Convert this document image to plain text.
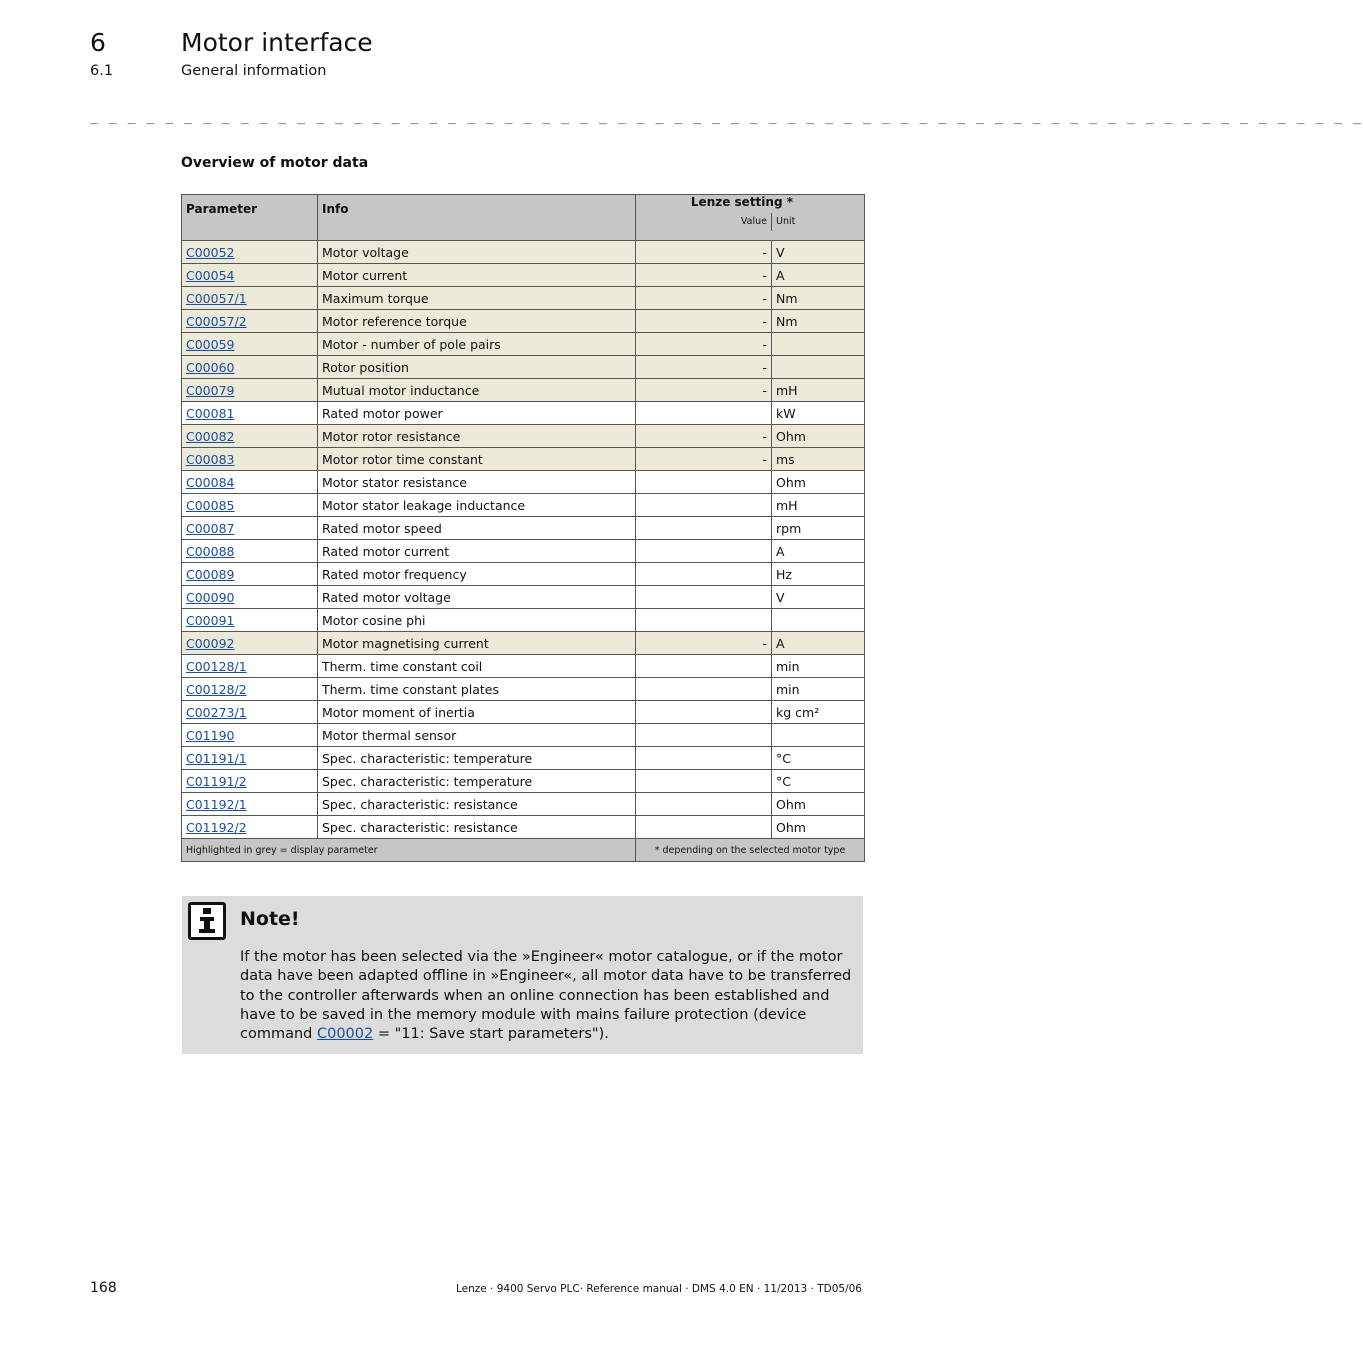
6	Motor interface
6.1	General information
_ _ _ _ _ _ _ _ _ _ _ _ _ _ _ _ _ _ _ _ _ _ _ _ _ _ _ _ _ _ _ _ _ _ _ _ _ _ _ _ _ _ _ _ _ _ _ _ _ _ _ _ _ _ _ _ _ _ _ _ _ _ _ _ _ _ _ _
Overview of motor data
Parameter	Info	Lenze setting *
Value Unit	

C00052	Motor voltage	-	V
C00054	Motor current	-	A
C00057/1	Maximum torque	-	Nm
C00057/2	Motor reference torque	-	Nm
C00059	Motor - number of pole pairs	-	
C00060	Rotor position	-	
C00079	Mutual motor inductance	-	mH
C00081	Rated motor power		kW
C00082	Motor rotor resistance	-	Ohm
C00083	Motor rotor time constant	-	ms
C00084	Motor stator resistance		Ohm
C00085	Motor stator leakage inductance		mH
C00087	Rated motor speed		rpm
C00088	Rated motor current		A
C00089	Rated motor frequency		Hz
C00090	Rated motor voltage		V
C00091	Motor cosine phi		
C00092	Motor magnetising current	-	A
C00128/1	Therm. time constant coil		min
C00128/2	Therm. time constant plates		min
C00273/1	Motor moment of inertia		kg cm²
C01190	Motor thermal sensor		
C01191/1	Spec. characteristic: temperature		°C
C01191/2	Spec. characteristic: temperature		°C
C01192/1	Spec. characteristic: resistance		Ohm
C01192/2	Spec. characteristic: resistance		Ohm
Highlighted in grey = display parameter		* depending on the selected motor type	
Note!
If the motor has been selected via the »Engineer« motor catalogue, or if the motor data have been adapted offline in »Engineer«, all motor data have to be transferred to the controller afterwards when an online connection has been established and have to be saved in the memory module with mains failure protection (device command C00002 = "11: Save start parameters").
168	Lenze · 9400 Servo PLC· Reference manual · DMS 4.0 EN · 11/2013 · TD05/06
